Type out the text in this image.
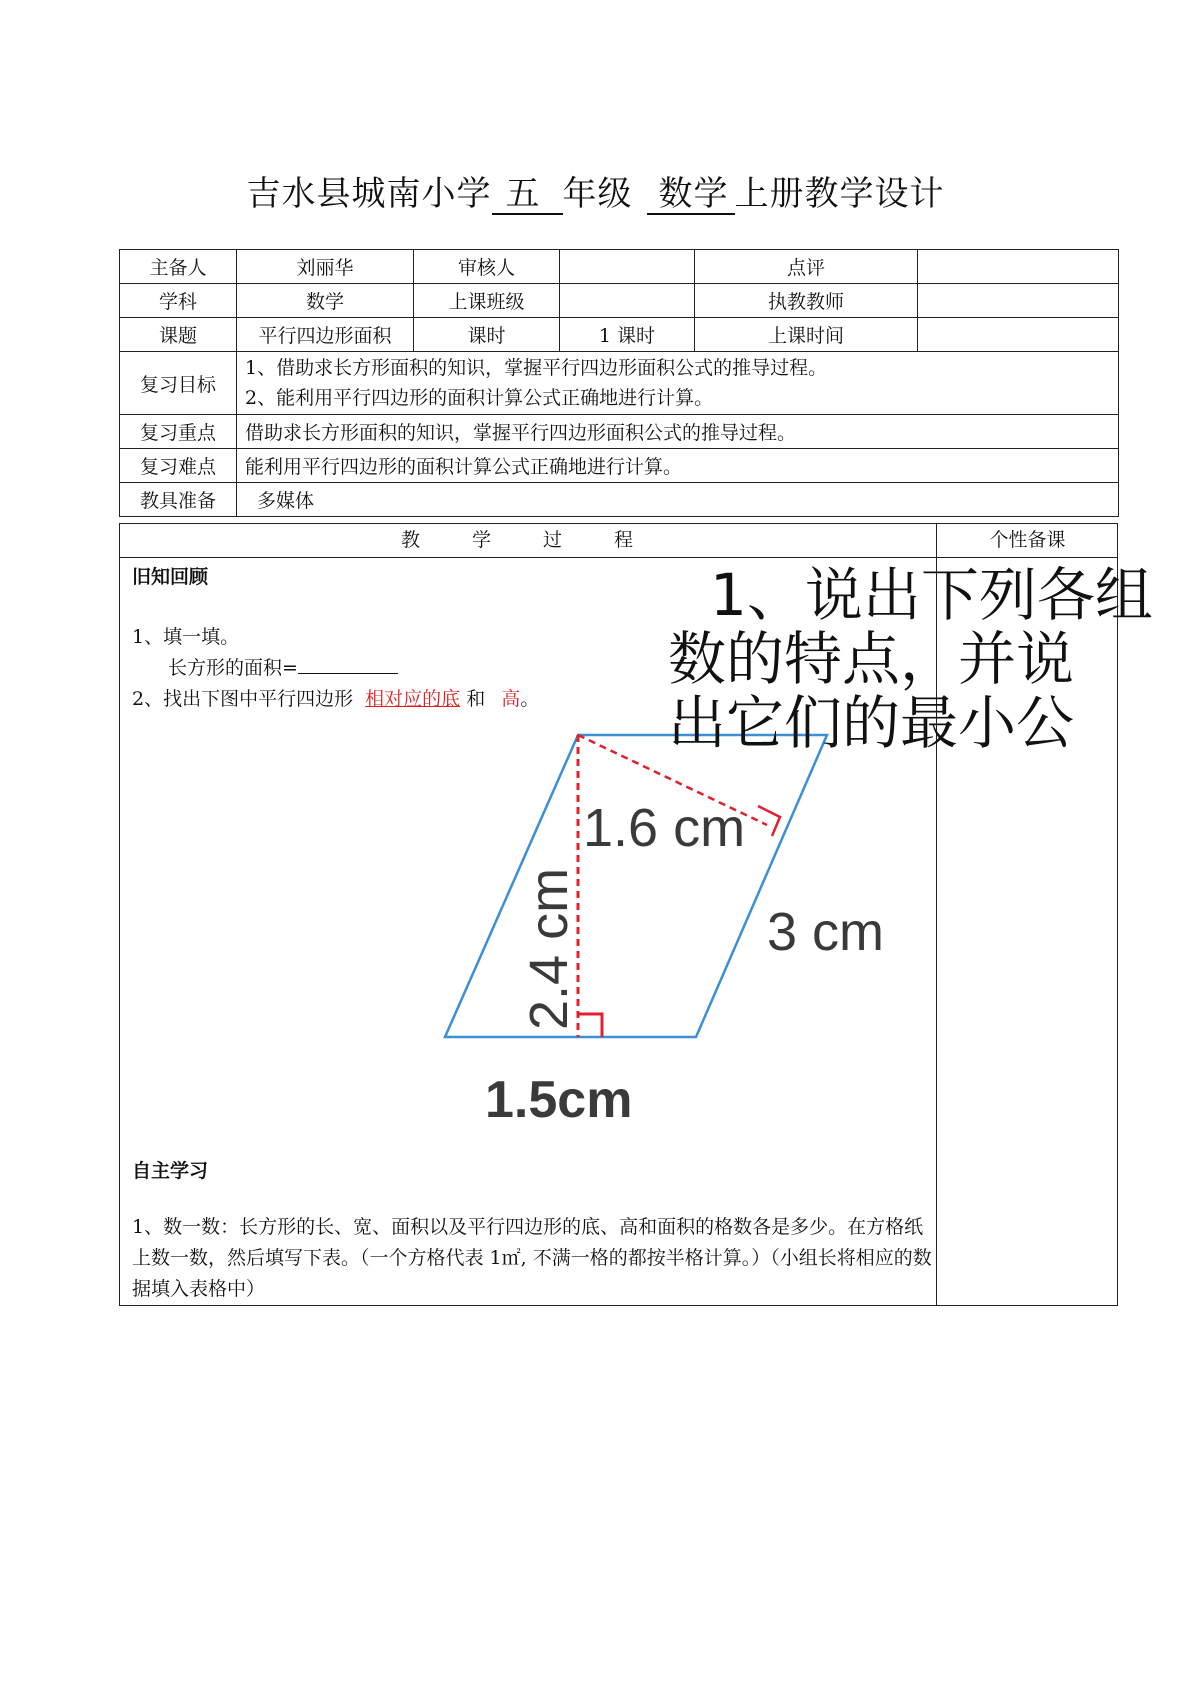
吉水县城南小学 五 年级 数学 上册教学设计
主备人	刘丽华	审核人		点评	
学科	数学	上课班级		执教教师	
课题	平行四边形面积	课时	1 课时	上课时间	
复习目标	1、借助求长方形面积的知识，掌握平行四边形面积公式的推导过程。
2、能利用平行四边形的面积计算公式正确地进行计算。				

复习重点	借助求长方形面积的知识，掌握平行四边形面积公式的推导过程。				
复习难点	能利用平行四边形的面积计算公式正确地进行计算。				
教具准备	多媒体				
教学过程	个性备课
旧知回顾
1、填一填。
长方形的面积=
2、找出下图中平行四边形 相对应的底 和 高。
自主学习
1、数一数：长方形的长、宽、面积以及平行四边形的底、高和面积的格数各是多少。在方格纸上数一数，然后填写下表。（一个方格代表 1㎡, 不满一格的都按半格计算。）（小组长将相应的数据填入表格中）
1.6 cm
3 cm
2.4 cm
1.5cm
1、说出下列各组
数的特点，并说
出它们的最小公
